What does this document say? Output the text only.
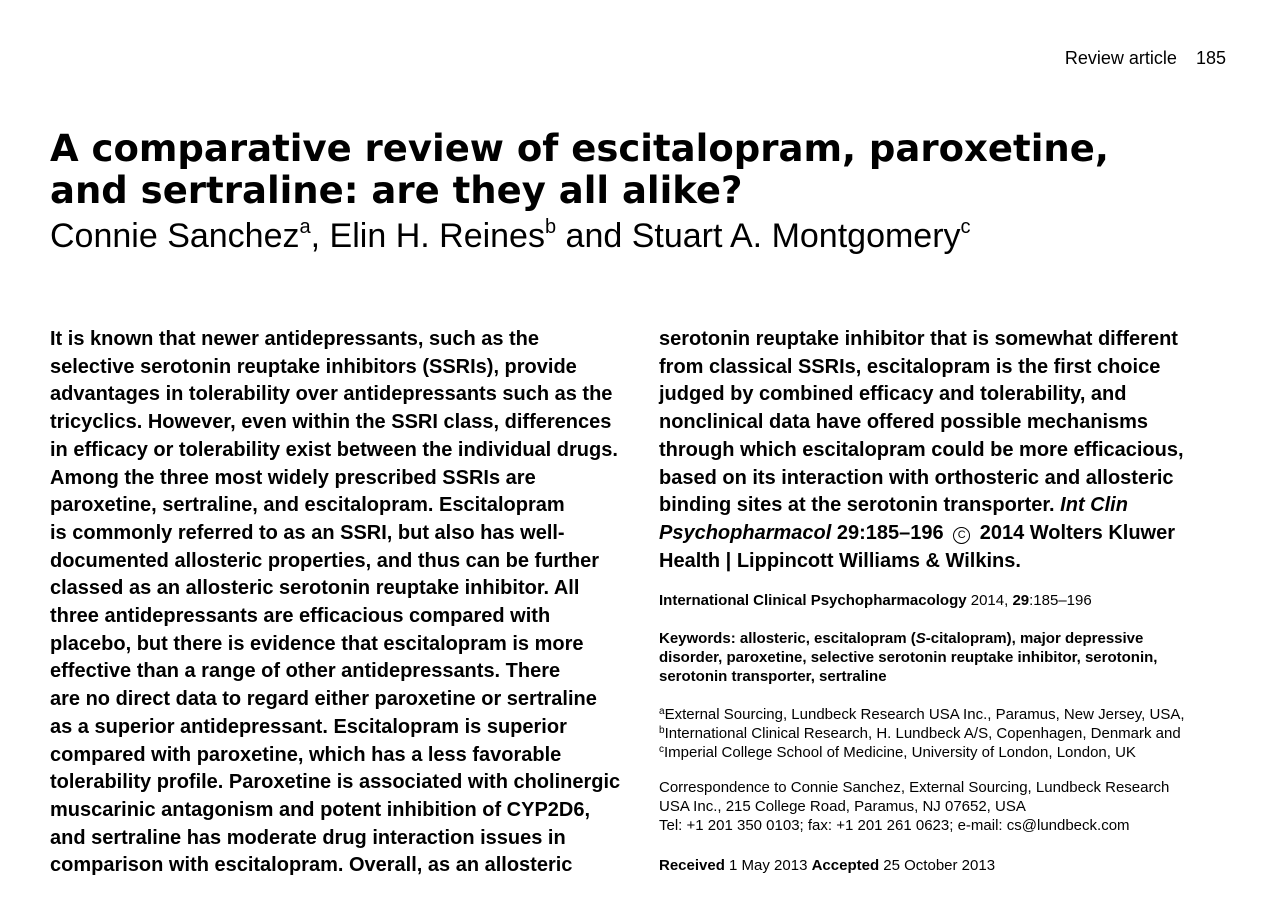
Review article 185
A comparative review of escitalopram, paroxetine,
and sertraline: are they all alike?
Connie Sanchez$^a$, Elin H. Reines$^b$ and Stuart A. Montgomery$^c$
It is known that newer antidepressants, such as the
selective serotonin reuptake inhibitors (SSRIs), provide
advantages in tolerability over antidepressants such as the
tricyclics. However, even within the SSRI class, differences
in efficacy or tolerability exist between the individual drugs.
Among the three most widely prescribed SSRIs are
paroxetine, sertraline, and escitalopram. Escitalopram
is commonly referred to as an SSRI, but also has well-
documented allosteric properties, and thus can be further
classed as an allosteric serotonin reuptake inhibitor. All
three antidepressants are efficacious compared with
placebo, but there is evidence that escitalopram is more
effective than a range of other antidepressants. There
are no direct data to regard either paroxetine or sertraline
as a superior antidepressant. Escitalopram is superior
compared with paroxetine, which has a less favorable
tolerability profile. Paroxetine is associated with cholinergic
muscarinic antagonism and potent inhibition of CYP2D6,
and sertraline has moderate drug interaction issues in
comparison with escitalopram. Overall, as an allosteric
serotonin reuptake inhibitor that is somewhat different
from classical SSRIs, escitalopram is the first choice
judged by combined efficacy and tolerability, and
nonclinical data have offered possible mechanisms
through which escitalopram could be more efficacious,
based on its interaction with orthosteric and allosteric
binding sites at the serotonin transporter. Int Clin
Psychopharmacol 29:185–196 C 2014 Wolters Kluwer
Health | Lippincott Williams & Wilkins.
International Clinical Psychopharmacology 2014, 29:185–196
Keywords: allosteric, escitalopram (S-citalopram), major depressive
disorder, paroxetine, selective serotonin reuptake inhibitor, serotonin,
serotonin transporter, sertraline
$^a$External Sourcing, Lundbeck Research USA Inc., Paramus, New Jersey, USA,
$^b$International Clinical Research, H. Lundbeck A/S, Copenhagen, Denmark and
$^c$Imperial College School of Medicine, University of London, London, UK
Correspondence to Connie Sanchez, External Sourcing, Lundbeck Research
USA Inc., 215 College Road, Paramus, NJ 07652, USA
Tel: +1 201 350 0103; fax: +1 201 261 0623; e-mail: cs@lundbeck.com
Received 1 May 2013 Accepted 25 October 2013
